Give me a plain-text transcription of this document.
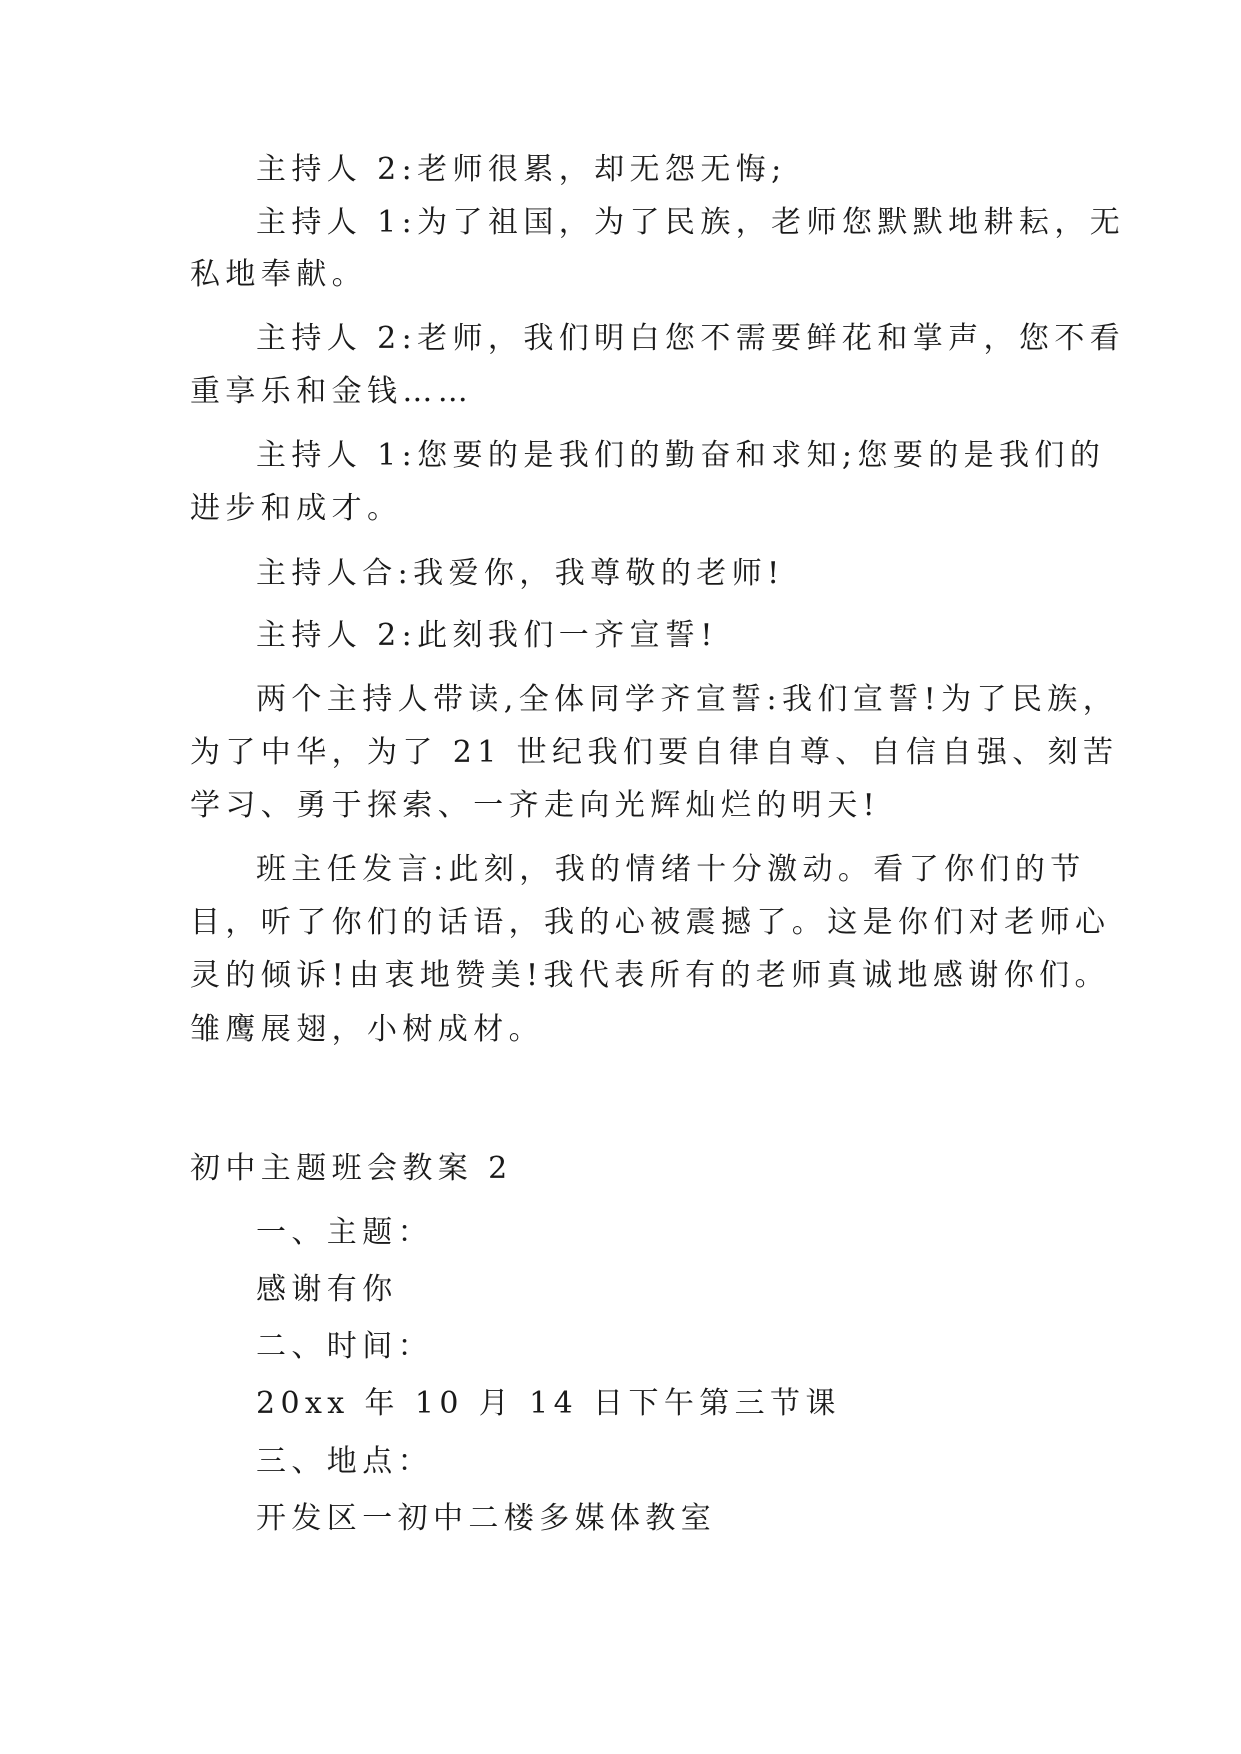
主持人 2:老师很累，却无怨无悔;
主持人 1:为了祖国，为了民族，老师您默默地耕耘，无
私地奉献。
主持人 2:老师，我们明白您不需要鲜花和掌声，您不看
重享乐和金钱……
主持人 1:您要的是我们的勤奋和求知;您要的是我们的
进步和成才。
主持人合:我爱你，我尊敬的老师!
主持人 2:此刻我们一齐宣誓!
两个主持人带读,全体同学齐宣誓:我们宣誓!为了民族，
为了中华，为了 21 世纪我们要自律自尊、自信自强、刻苦
学习、勇于探索、一齐走向光辉灿烂的明天!
班主任发言:此刻，我的情绪十分激动。看了你们的节
目，听了你们的话语，我的心被震撼了。这是你们对老师心
灵的倾诉!由衷地赞美!我代表所有的老师真诚地感谢你们。
雏鹰展翅，小树成材。
初中主题班会教案 2
一、主题：
感谢有你
二、时间：
20xx 年 10 月 14 日下午第三节课
三、地点：
开发区一初中二楼多媒体教室
